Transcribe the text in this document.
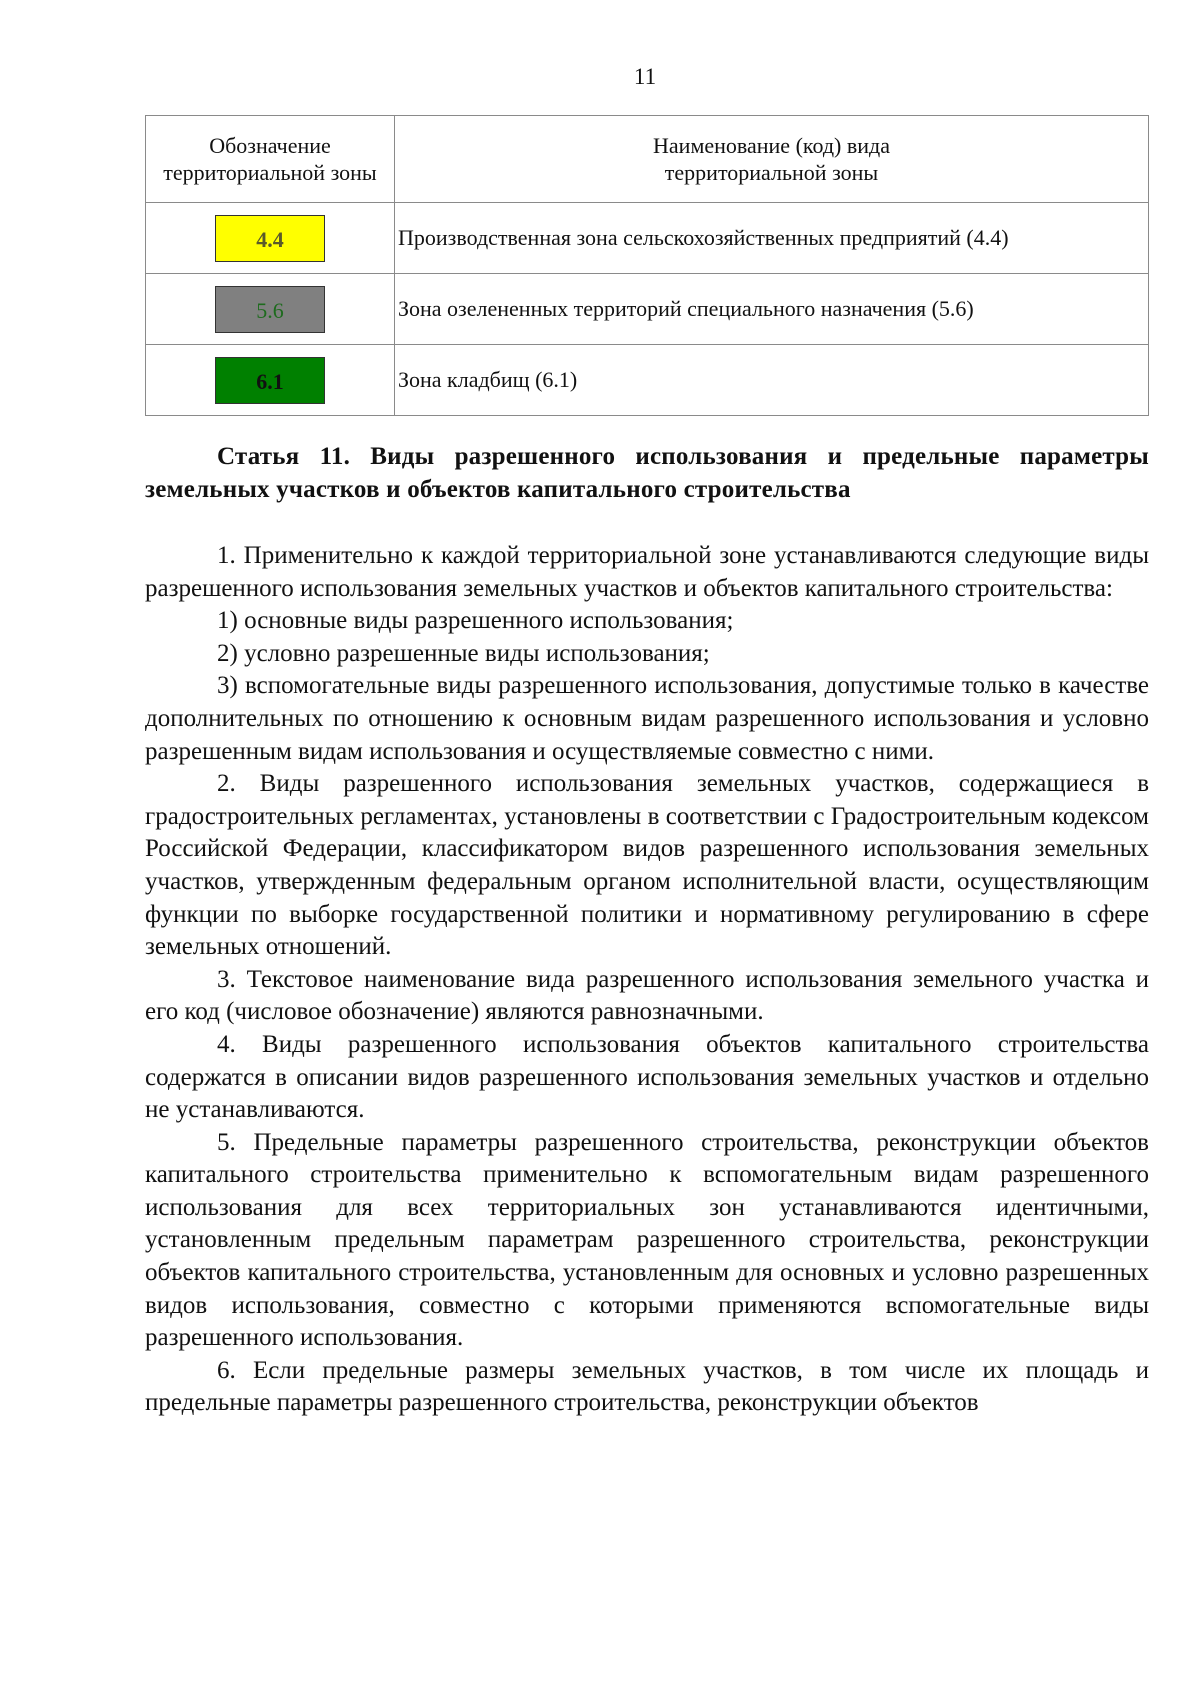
11
Обозначение территориальной зоны	Наименование (код) вида
территориальной зоны
4.4	Производственная зона сельскохозяйственных предприятий (4.4)
5.6	Зона озелененных территорий специального назначения (5.6)
6.1	Зона кладбищ (6.1)

Статья 11. Виды разрешенного использования и предельные параметры земельных участков и объектов капитального строительства

1. Применительно к каждой территориальной зоне устанавливаются следующие виды разрешенного использования земельных участков и объектов капитального строительства:

1) основные виды разрешенного использования;

2) условно разрешенные виды использования;

3) вспомогательные виды разрешенного использования, допустимые только в качестве дополнительных по отношению к основным видам разрешенного использования и условно разрешенным видам использования и осуществляемые совместно с ними.

2. Виды разрешенного использования земельных участков, содержащиеся в градостроительных регламентах, установлены в соответствии с Градостроительным кодексом Российской Федерации, классификатором видов разрешенного использования земельных участков, утвержденным федеральным органом исполнительной власти, осуществляющим функции по выборке государственной политики и нормативному регулированию в сфере земельных отношений.

3. Текстовое наименование вида разрешенного использования земельного участка и его код (числовое обозначение) являются равнозначными.

4. Виды разрешенного использования объектов капитального строительства содержатся в описании видов разрешенного использования земельных участков и отдельно не устанавливаются.

5. Предельные параметры разрешенного строительства, реконструкции объектов капитального строительства применительно к вспомогательным видам разрешенного использования для всех территориальных зон устанавливаются идентичными, установленным предельным параметрам разрешенного строительства, реконструкции объектов капитального строительства, установленным для основных и условно разрешенных видов использования, совместно с которыми применяются вспомогательные виды разрешенного использования.

6. Если предельные размеры земельных участков, в том числе их площадь и предельные параметры разрешенного строительства, реконструкции объектов
